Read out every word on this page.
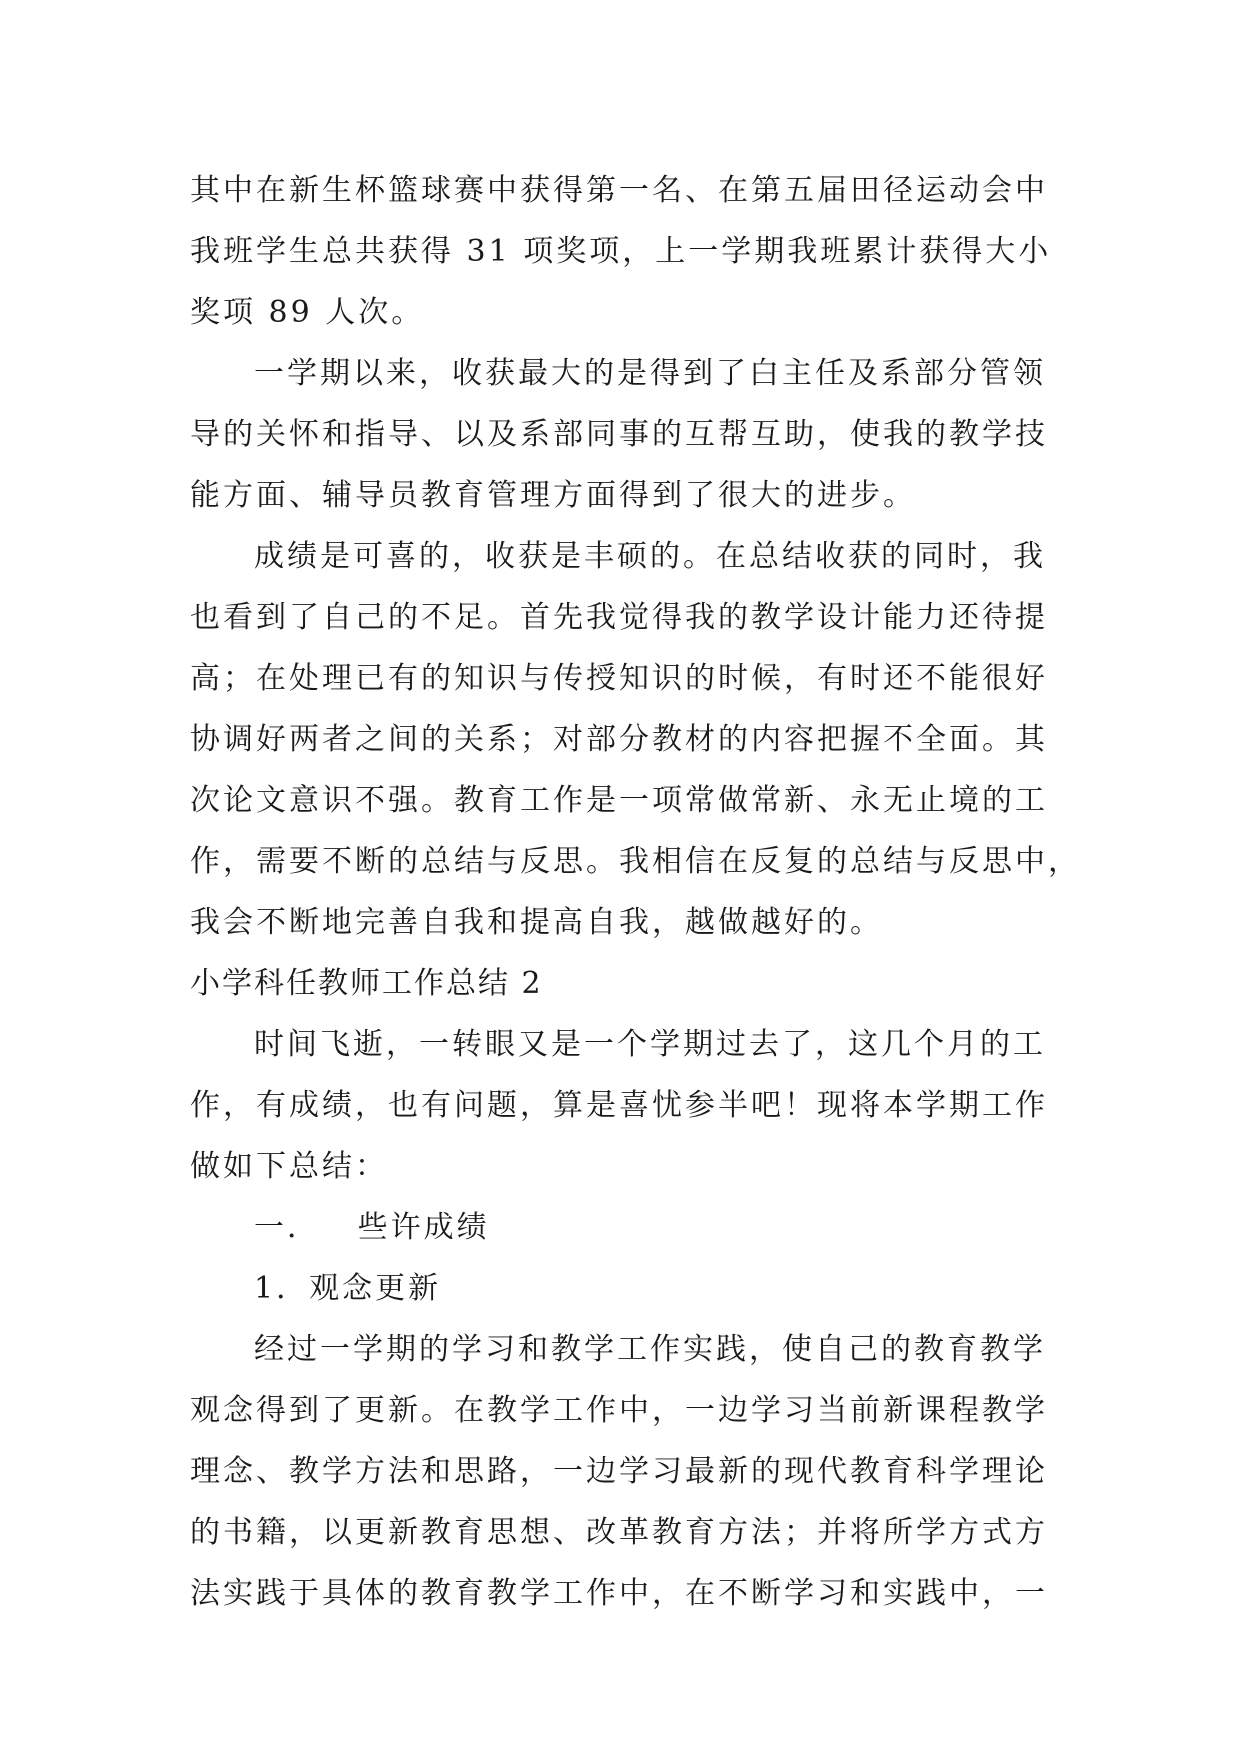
其中在新生杯篮球赛中获得第一名、在第五届田径运动会中
我班学生总共获得 31 项奖项，上一学期我班累计获得大小
奖项 89 人次。
一学期以来，收获最大的是得到了白主任及系部分管领
导的关怀和指导、以及系部同事的互帮互助，使我的教学技
能方面、辅导员教育管理方面得到了很大的进步。
成绩是可喜的，收获是丰硕的。在总结收获的同时，我
也看到了自己的不足。首先我觉得我的教学设计能力还待提
高；在处理已有的知识与传授知识的时候，有时还不能很好
协调好两者之间的关系；对部分教材的内容把握不全面。其
次论文意识不强。教育工作是一项常做常新、永无止境的工
作，需要不断的总结与反思。我相信在反复的总结与反思中，
我会不断地完善自我和提高自我，越做越好的。
小学科任教师工作总结 2
时间飞逝，一转眼又是一个学期过去了，这几个月的工
作，有成绩，也有问题，算是喜忧参半吧！现将本学期工作
做如下总结：
一．   些许成绩
1．观念更新
经过一学期的学习和教学工作实践，使自己的教育教学
观念得到了更新。在教学工作中，一边学习当前新课程教学
理念、教学方法和思路，一边学习最新的现代教育科学理论
的书籍，以更新教育思想、改革教育方法；并将所学方式方
法实践于具体的教育教学工作中，在不断学习和实践中，一
